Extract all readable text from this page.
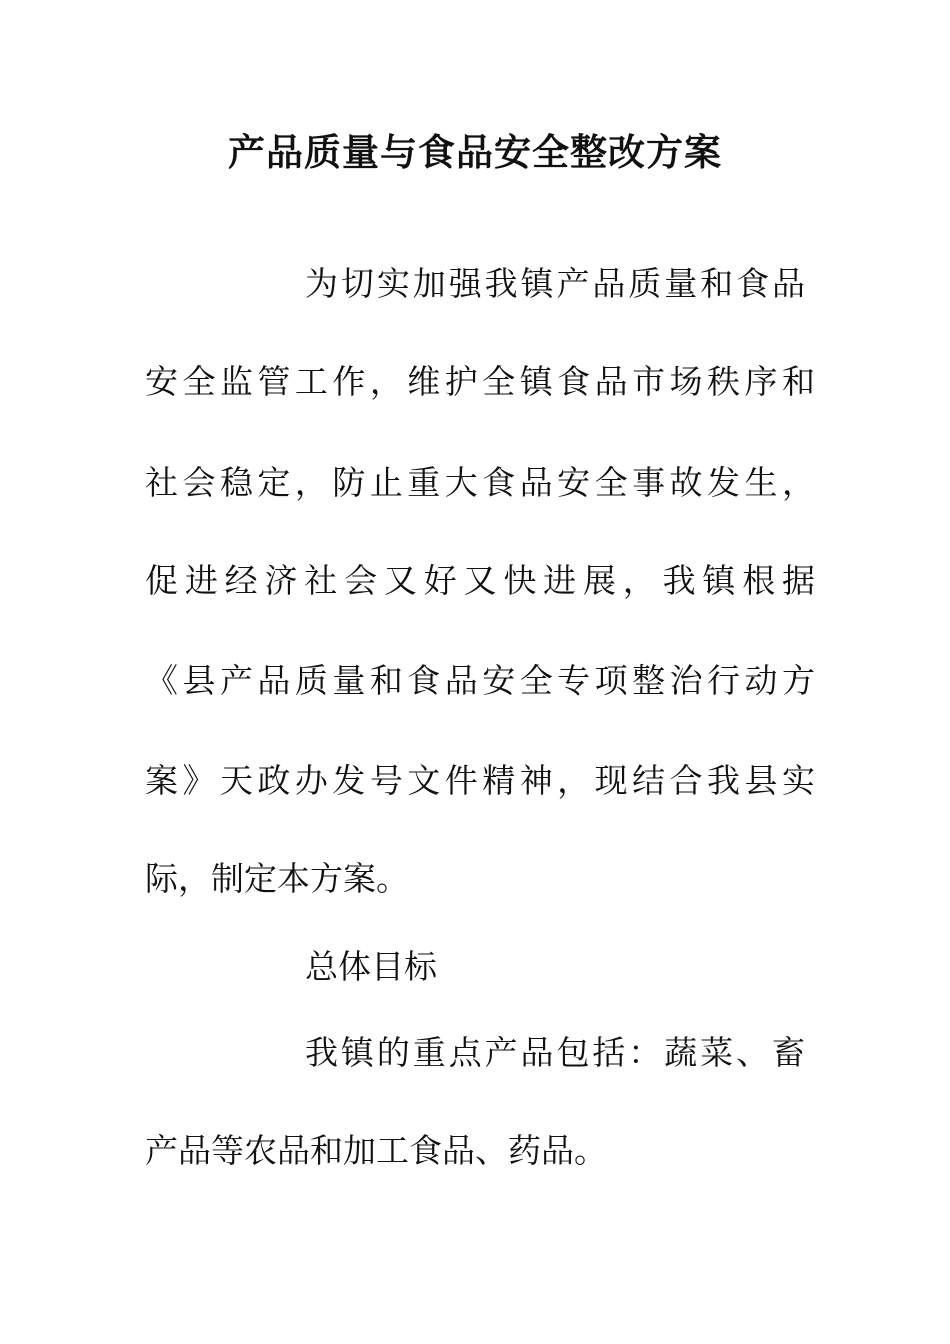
产品质量与食品安全整改方案
为切实加强我镇产品质量和食品
安全监管工作，维护全镇食品市场秩序和
社会稳定，防止重大食品安全事故发生，
促进经济社会又好又快进展，我镇根据
《县产品质量和食品安全专项整治行动方
案》天政办发号文件精神，现结合我县实
际，制定本方案。
总体目标
我镇的重点产品包括：蔬菜、畜
产品等农品和加工食品、药品。
